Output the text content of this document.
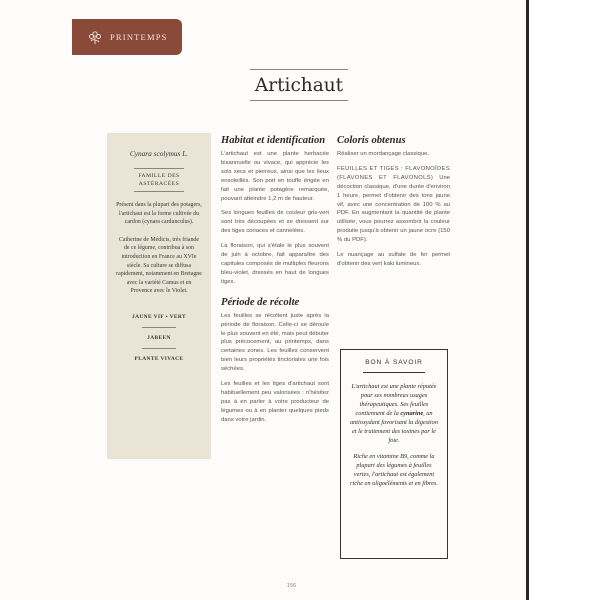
PRINTEMPS
Artichaut
Cynara scolymus L.
FAMILLE DES
ASTÉRACÉES

Présent dans la plupart des potagers, l'artichaut est la forme cultivée du cardon (cynara cardunculus).

Catherine de Médicis, très friande de ce légume, contribua à son introduction en France au XVIe siècle. Sa culture se diffusa rapidement, notamment en Bretagne avec la variété Camus et en Provence avec le Violet.

JAUNE VIF • VERT
JABEEN
PLANTE VIVACE
Habitat et identification

L'artichaut est une plante herbacée bisannuelle ou vivace, qui apprécie les sols secs et pierreux, ainsi que les lieux ensoleillés. Son port en touffe érigée en fait une plante potagère remarquée, pouvant atteindre 1,2 m de hauteur.

Ses longues feuilles de couleur gris-vert sont très découpées et se dressent sur des tiges coriaces et cannelées.

La floraison, qui s'étale le plus souvent de juin à octobre, fait apparaître des capitules composés de multiples fleurons bleu-violet, dressés en haut de longues tiges.

Période de récolte

Les feuilles se récoltent juste après la période de floraison. Celle-ci se déroule le plus souvent en été, mais peut débuter plus précocement, au printemps, dans certaines zones. Les feuilles conservent bien leurs propriétés tinctoriales une fois séchées.

Les feuilles et les tiges d'artichaut sont habituellement peu valorisées : n'hésitez pas à en parler à votre producteur de légumes ou à en planter quelques pieds dans votre jardin.

Coloris obtenus

Réaliser un mordançage classique.

FEUILLES ET TIGES : FLAVONOÏDES (FLAVONES ET FLAVONOLS) Une décoction classique, d'une durée d'environ 1 heure, permet d'obtenir des tons jaune vif, avec une concentration de 100 % au PDF. En augmentant la quantité de plante utilisée, vous pourrez assombrir la couleur produite jusqu'à obtenir un jaune ocre (150 % du PDF).

Le nuançage au sulfate de fer permet d'obtenir des vert kaki lumineux.

BON À SAVOIR

L'artichaut est une plante réputée pour ses nombreux usages thérapeutiques. Ses feuilles contiennent de la cynarine, un antioxydant favorisant la digestion et le traitement des toxines par le foie.

Riche en vitamine B9, comme la plupart des légumes à feuilles vertes, l'artichaut est également riche en oligoéléments et en fibres.

156
